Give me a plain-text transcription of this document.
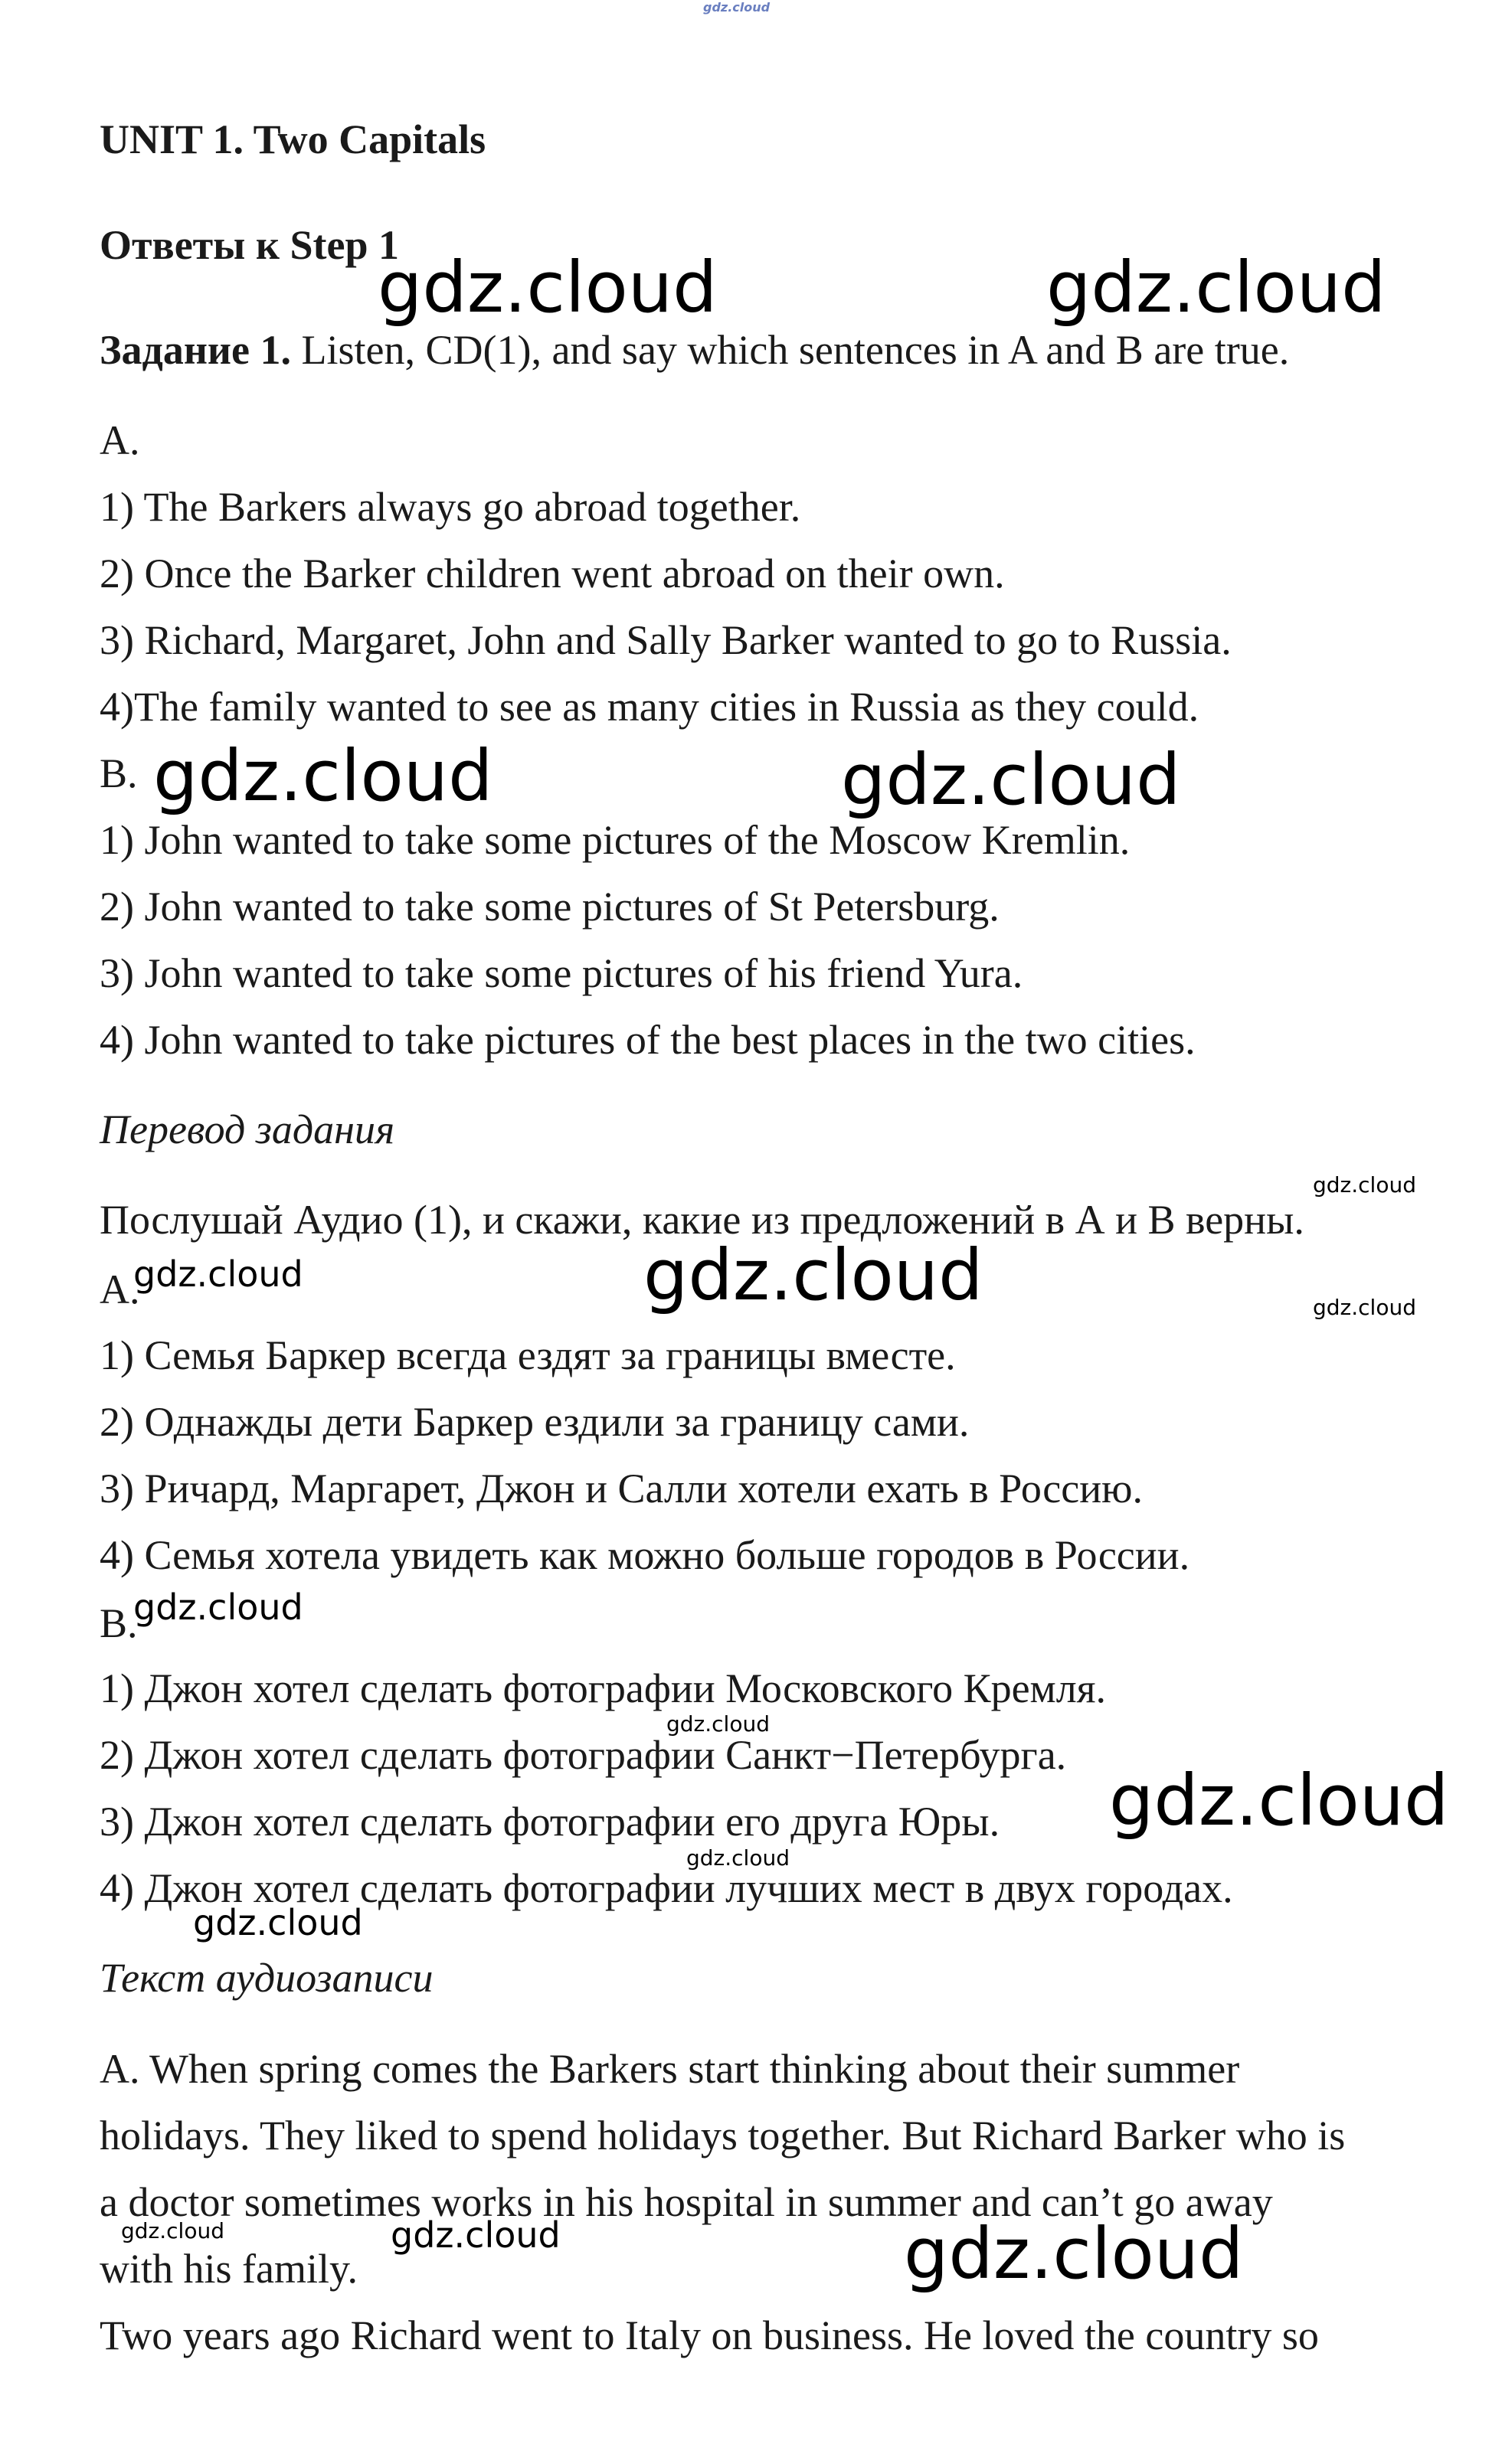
gdz.cloud

UNIT 1. Two Capitals

Ответы к Step 1

Задание 1. Listen, CD(1), and say which sentences in A and B are true.

A.

1) The Barkers always go abroad together.

2) Once the Barker children went abroad on their own.

3) Richard, Margaret, John and Sally Barker wanted to go to Russia.

4)The family wanted to see as many cities in Russia as they could.

B.

1) John wanted to take some pictures of the Moscow Kremlin.

2) John wanted to take some pictures of St Petersburg.

3) John wanted to take some pictures of his friend Yura.

4) John wanted to take pictures of the best places in the two cities.

Перевод задания

Послушай Аудио (1), и скажи, какие из предложений в А и В верны.

А.

1) Семья Баркер всегда ездят за границы вместе.

2) Однажды дети Баркер ездили за границу сами.

3) Ричард, Маргарет, Джон и Салли хотели ехать в Россию.

4) Семья хотела увидеть как можно больше городов в России.

В.

1) Джон хотел сделать фотографии Московского Кремля.

2) Джон хотел сделать фотографии Санкт−Петербурга.

3) Джон хотел сделать фотографии его друга Юры.

4) Джон хотел сделать фотографии лучших мест в двух городах.

Текст аудиозаписи

A. When spring comes the Barkers start thinking about their summer

holidays. They liked to spend holidays together. But Richard Barker who is

a doctor sometimes works in his hospital in summer and can’t go away

with his family.

Two years ago Richard went to Italy on business. He loved the country so

gdz.cloud	gdz.cloud
gdz.cloud	gdz.cloud
gdz.cloud
gdz.cloud	gdz.cloud	gdz.cloud
gdz.cloud
gdz.cloud
gdz.cloud
gdz.cloud
gdz.cloud
gdz.cloud	gdz.cloud	gdz.cloud
